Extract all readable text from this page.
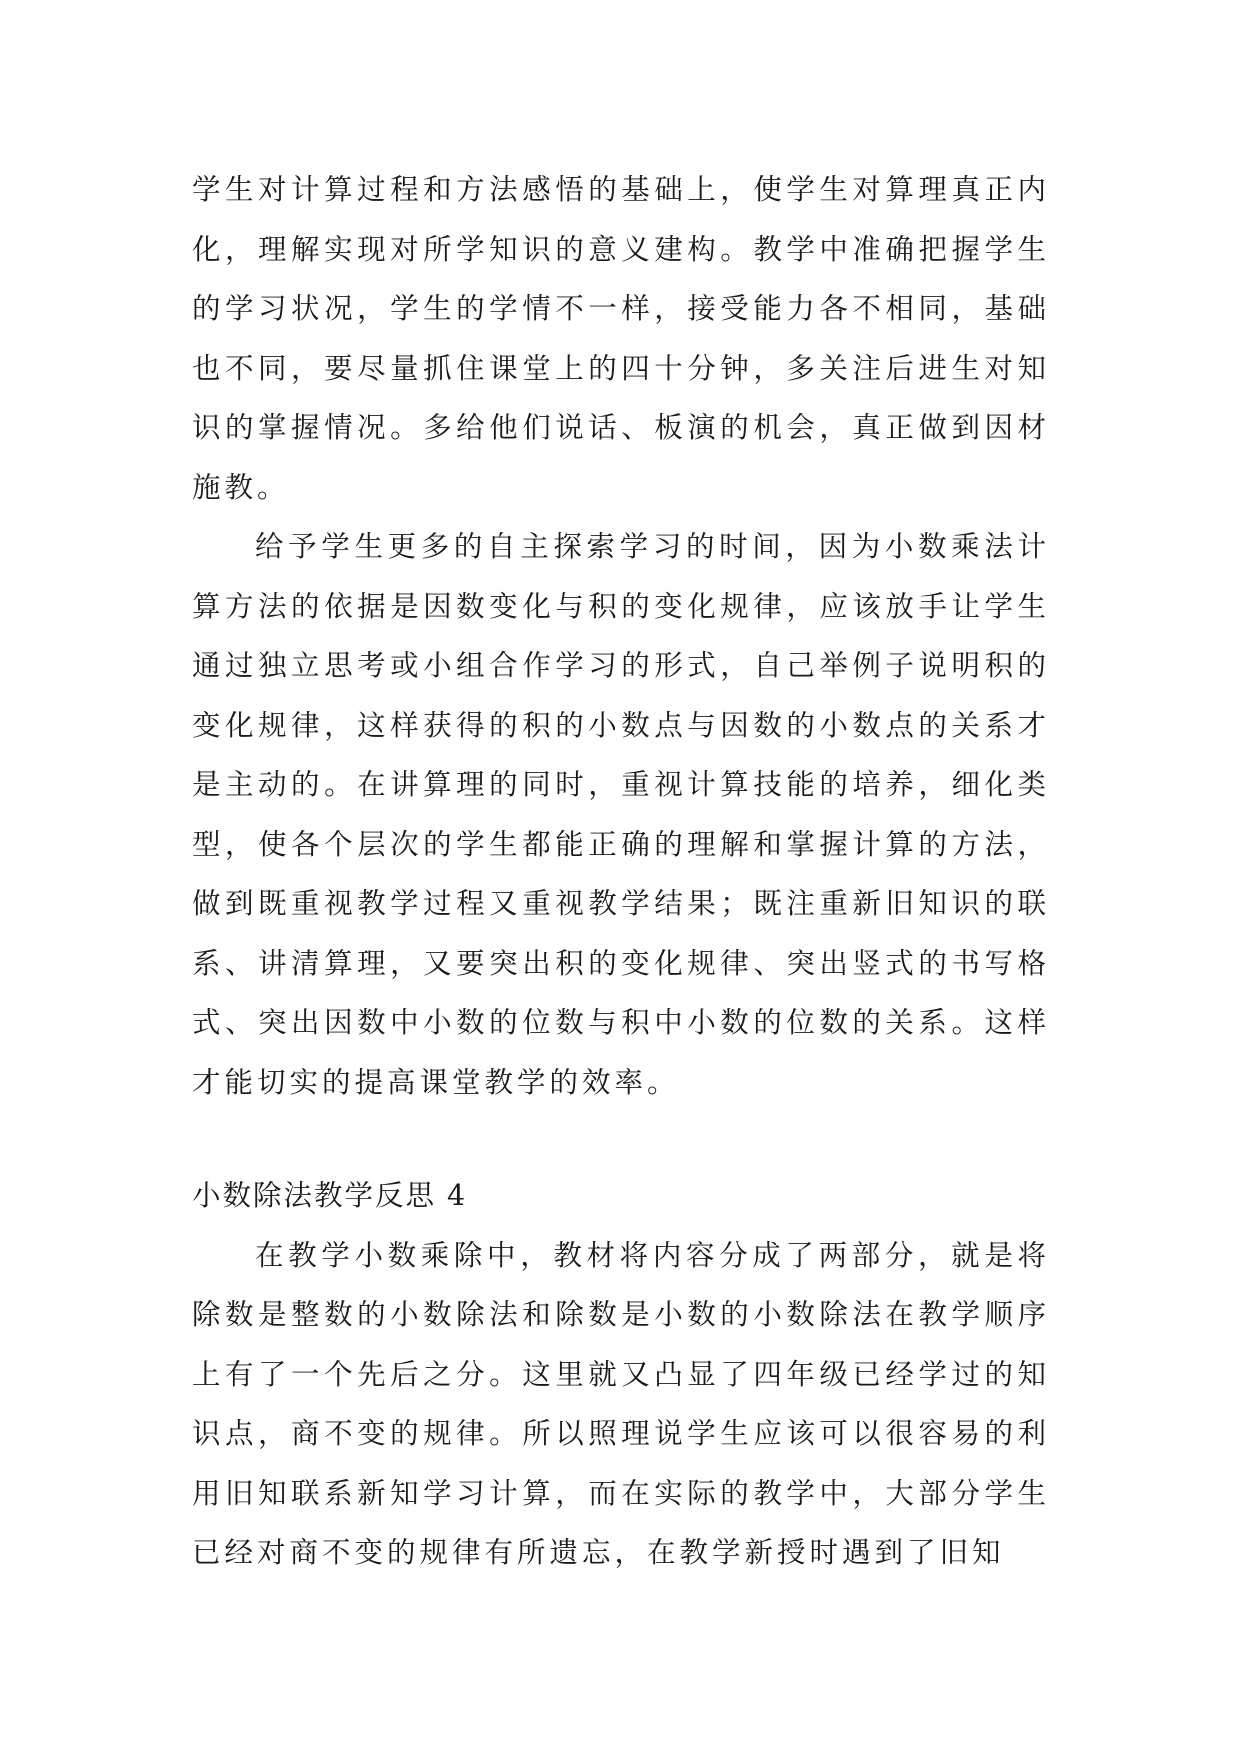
学生对计算过程和方法感悟的基础上，使学生对算理真正内化，理解实现对所学知识的意义建构。教学中准确把握学生的学习状况，学生的学情不一样，接受能力各不相同，基础也不同，要尽量抓住课堂上的四十分钟，多关注后进生对知识的掌握情况。多给他们说话、板演的机会，真正做到因材施教。

给予学生更多的自主探索学习的时间，因为小数乘法计算方法的依据是因数变化与积的变化规律，应该放手让学生通过独立思考或小组合作学习的形式，自己举例子说明积的变化规律，这样获得的积的小数点与因数的小数点的关系才是主动的。在讲算理的同时，重视计算技能的培养，细化类型，使各个层次的学生都能正确的理解和掌握计算的方法，做到既重视教学过程又重视教学结果；既注重新旧知识的联系、讲清算理，又要突出积的变化规律、突出竖式的书写格式、突出因数中小数的位数与积中小数的位数的关系。这样才能切实的提高课堂教学的效率。

小数除法教学反思 4

在教学小数乘除中，教材将内容分成了两部分，就是将除数是整数的小数除法和除数是小数的小数除法在教学顺序上有了一个先后之分。这里就又凸显了四年级已经学过的知识点，商不变的规律。所以照理说学生应该可以很容易的利用旧知联系新知学习计算，而在实际的教学中，大部分学生已经对商不变的规律有所遗忘，在教学新授时遇到了旧知
